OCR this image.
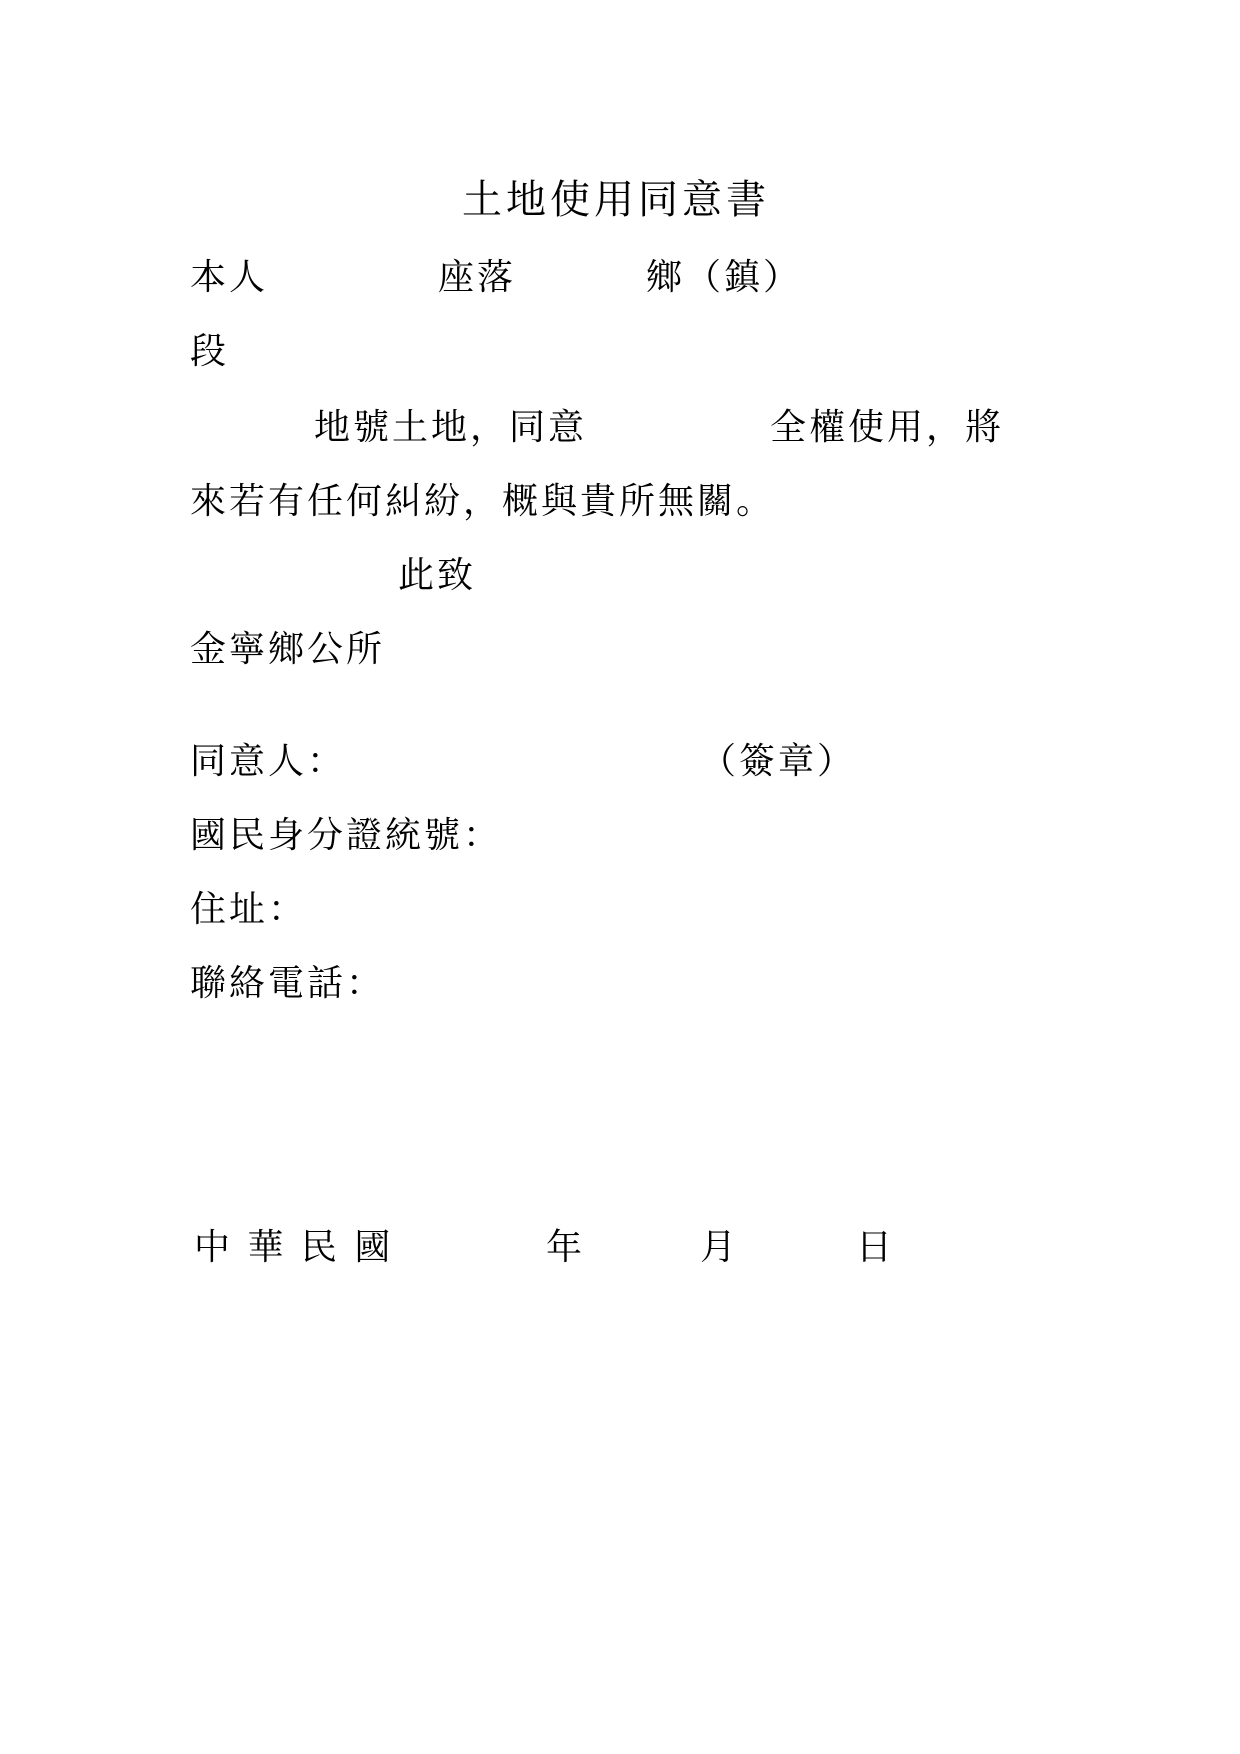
土地使用同意書
本人	座落	鄉（鎮）
段
地號土地，同意	全權使用，將
來若有任何糾紛，概與貴所無關。
此致
金寧鄉公所
同意人：	（簽章）
國民身分證統號：
住址：
聯絡電話：
中 華 民 國	年	月	日
